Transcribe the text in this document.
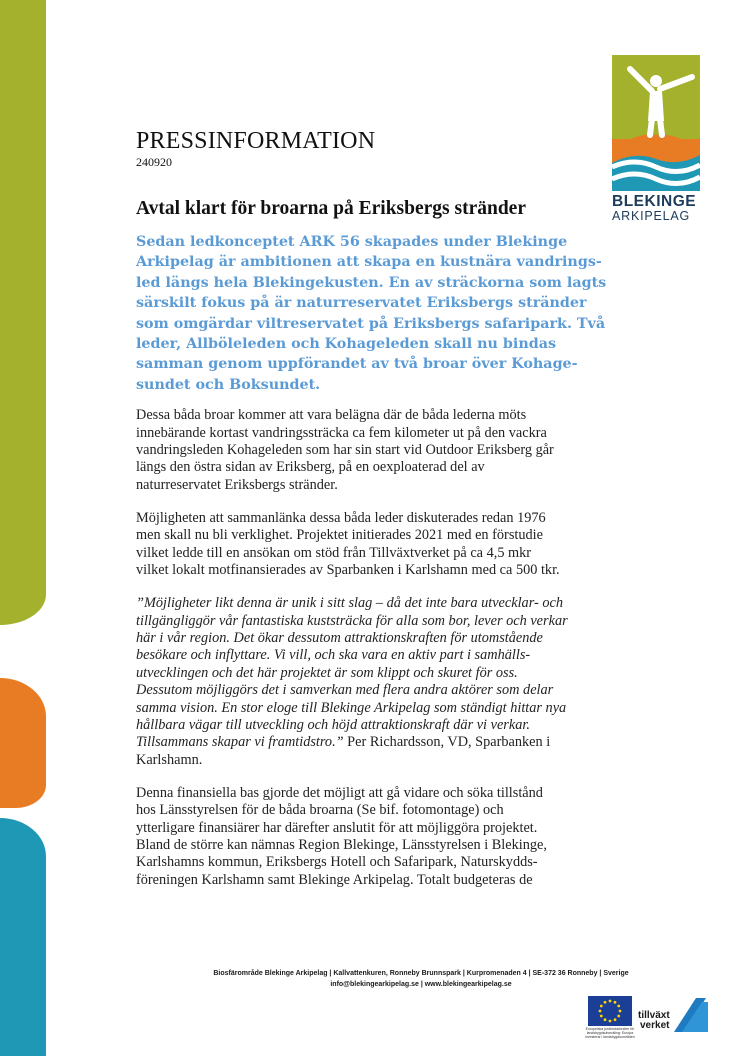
BLEKINGE
ARKIPELAG
PRESSINFORMATION
240920
Avtal klart för broarna på Eriksbergs stränder
Sedan ledkonceptet ARK 56 skapades under Blekinge
Arkipelag är ambitionen att skapa en kustnära vandrings-
led längs hela Blekingekusten. En av sträckorna som lagts
särskilt fokus på är naturreservatet Eriksbergs stränder
som omgärdar viltreservatet på Eriksbergs safaripark. Två
leder, Allböleleden och Kohageleden skall nu bindas
samman genom uppförandet av två broar över Kohage-
sundet och Boksundet.
Dessa båda broar kommer att vara belägna där de båda lederna möts
innebärande kortast vandringssträcka ca fem kilometer ut på den vackra
vandringsleden Kohageleden som har sin start vid Outdoor Eriksberg går
längs den östra sidan av Eriksberg, på en oexploaterad del av
naturreservatet Eriksbergs stränder.
Möjligheten att sammanlänka dessa båda leder diskuterades redan 1976
men skall nu bli verklighet. Projektet initierades 2021 med en förstudie
vilket ledde till en ansökan om stöd från Tillväxtverket på ca 4,5 mkr
vilket lokalt motfinansierades av Sparbanken i Karlshamn med ca 500 tkr.
”Möjligheter likt denna är unik i sitt slag – då det inte bara utvecklar- och
tillgängliggör vår fantastiska kuststräcka för alla som bor, lever och verkar
här i vår region. Det ökar dessutom attraktionskraften för utomstående
besökare och inflyttare. Vi vill, och ska vara en aktiv part i samhälls-
utvecklingen och det här projektet är som klippt och skuret för oss.
Dessutom möjliggörs det i samverkan med flera andra aktörer som delar
samma vision. En stor eloge till Blekinge Arkipelag som ständigt hittar nya
hållbara vägar till utveckling och höjd attraktionskraft där vi verkar.
Tillsammans skapar vi framtidstro.” Per Richardsson, VD, Sparbanken i
Karlshamn.
Denna finansiella bas gjorde det möjligt att gå vidare och söka tillstånd
hos Länsstyrelsen för de båda broarna (Se bif. fotomontage) och
ytterligare finansiärer har därefter anslutit för att möjliggöra projektet.
Bland de större kan nämnas Region Blekinge, Länsstyrelsen i Blekinge,
Karlshamns kommun, Eriksbergs Hotell och Safaripark, Naturskydds-
föreningen Karlshamn samt Blekinge Arkipelag. Totalt budgeteras de
Biosfärområde Blekinge Arkipelag | Kallvattenkuren, Ronneby Brunnspark | Kurpromenaden 4 | SE-372 36 Ronneby | Sverige
info@blekingearkipelag.se | www.blekingearkipelag.se
Europeiska jordbruksfonden för
landsbygdsutveckling: Europa
investerar i landsbygdsområden
tillväxt
verket
